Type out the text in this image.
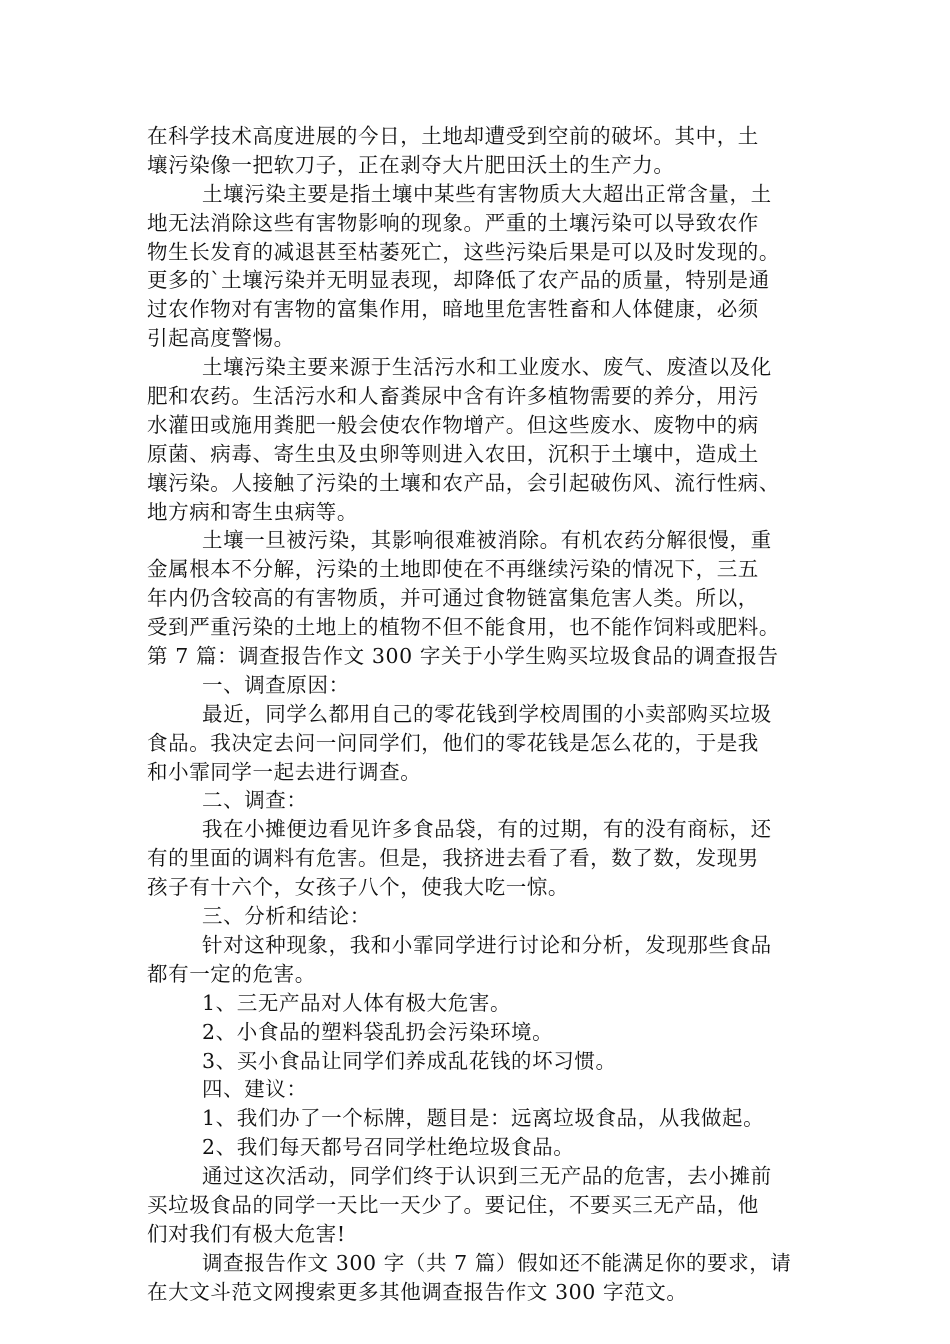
在科学技术高度进展的今日，土地却遭受到空前的破坏。其中，土
壤污染像一把软刀子，正在剥夺大片肥田沃土的生产力。
土壤污染主要是指土壤中某些有害物质大大超出正常含量，土
地无法消除这些有害物影响的现象。严重的土壤污染可以导致农作
物生长发育的减退甚至枯萎死亡，这些污染后果是可以及时发现的。
更多的`土壤污染并无明显表现，却降低了农产品的质量，特别是通
过农作物对有害物的富集作用，暗地里危害牲畜和人体健康，必须
引起高度警惕。
土壤污染主要来源于生活污水和工业废水、废气、废渣以及化
肥和农药。生活污水和人畜粪尿中含有许多植物需要的养分，用污
水灌田或施用粪肥一般会使农作物增产。但这些废水、废物中的病
原菌、病毒、寄生虫及虫卵等则进入农田，沉积于土壤中，造成土
壤污染。人接触了污染的土壤和农产品，会引起破伤风、流行性病、
地方病和寄生虫病等。
土壤一旦被污染，其影响很难被消除。有机农药分解很慢，重
金属根本不分解，污染的土地即使在不再继续污染的情况下，三五
年内仍含较高的有害物质，并可通过食物链富集危害人类。所以，
受到严重污染的土地上的植物不但不能食用，也不能作饲料或肥料。
第 7 篇：调查报告作文 300 字关于小学生购买垃圾食品的调查报告
一、调查原因：
最近，同学么都用自己的零花钱到学校周围的小卖部购买垃圾
食品。我决定去问一问同学们，他们的零花钱是怎么花的，于是我
和小霏同学一起去进行调查。
二、调查：
我在小摊便边看见许多食品袋，有的过期，有的没有商标，还
有的里面的调料有危害。但是，我挤进去看了看，数了数，发现男
孩子有十六个，女孩子八个，使我大吃一惊。
三、分析和结论：
针对这种现象，我和小霏同学进行讨论和分析，发现那些食品
都有一定的危害。
1、三无产品对人体有极大危害。
2、小食品的塑料袋乱扔会污染环境。
3、买小食品让同学们养成乱花钱的坏习惯。
四、建议：
1、我们办了一个标牌，题目是：远离垃圾食品，从我做起。
2、我们每天都号召同学杜绝垃圾食品。
通过这次活动，同学们终于认识到三无产品的危害，去小摊前
买垃圾食品的同学一天比一天少了。要记住，不要买三无产品，他
们对我们有极大危害!
调查报告作文 300 字（共 7 篇）假如还不能满足你的要求，请
在大文斗范文网搜索更多其他调查报告作文 300 字范文。
